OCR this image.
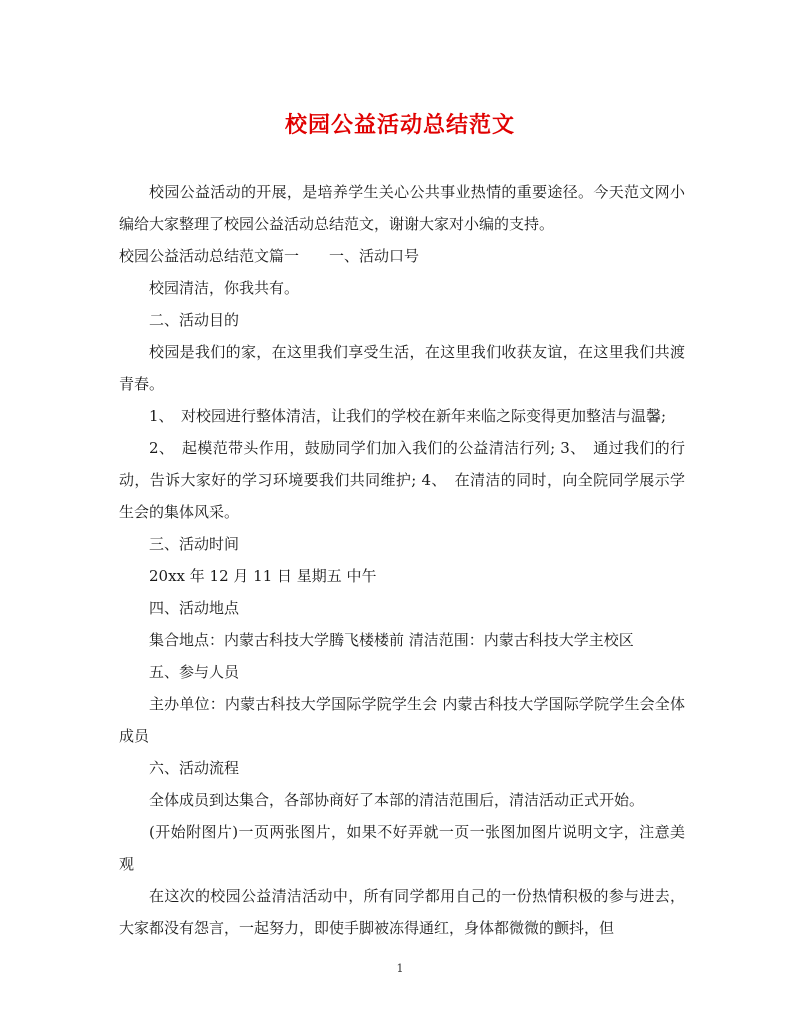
校园公益活动总结范文

校园公益活动的开展，是培养学生关心公共事业热情的重要途径。今天范文网小编给大家整理了校园公益活动总结范文，谢谢大家对小编的支持。

校园公益活动总结范文篇一　　一、活动口号

校园清洁，你我共有。

二、活动目的

校园是我们的家，在这里我们享受生活，在这里我们收获友谊，在这里我们共渡青春。

1、　对校园进行整体清洁，让我们的学校在新年来临之际变得更加整洁与温馨;

2、　起模范带头作用，鼓励同学们加入我们的公益清洁行列; 3、　通过我们的行动，告诉大家好的学习环境要我们共同维护; 4、　在清洁的同时，向全院同学展示学生会的集体风采。

三、活动时间

20xx 年 12 月 11 日 星期五 中午

四、活动地点

集合地点：内蒙古科技大学腾飞楼楼前 清洁范围：内蒙古科技大学主校区

五、参与人员

主办单位：内蒙古科技大学国际学院学生会 内蒙古科技大学国际学院学生会全体成员

六、活动流程

全体成员到达集合，各部协商好了本部的清洁范围后，清洁活动正式开始。

(开始附图片)一页两张图片，如果不好弄就一页一张图加图片说明文字，注意美观

在这次的校园公益清洁活动中，所有同学都用自己的一份热情积极的参与进去，大家都没有怨言，一起努力，即使手脚被冻得通红，身体都微微的颤抖，但

1
